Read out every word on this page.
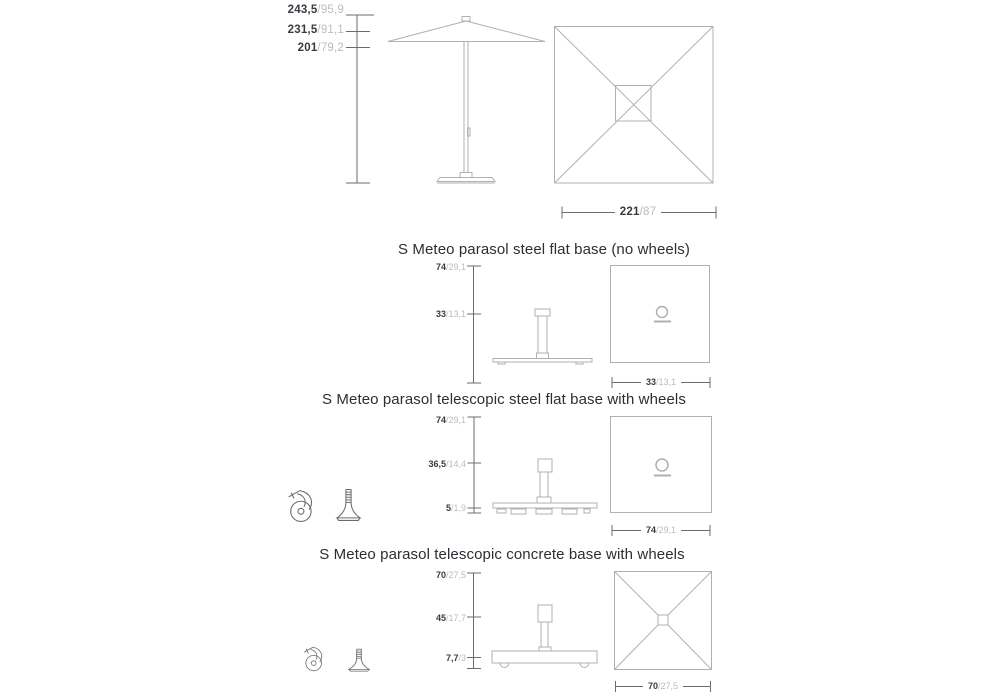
243,5/95,9
231,5/91,1
201/79,2
221/87
S Meteo parasol steel flat base (no wheels)
74/29,1
33/13,1
33/13,1
S Meteo parasol telescopic steel flat base with wheels
74/29,1
36,5/14,4
5/1,9
74/29,1
S Meteo parasol telescopic concrete base with wheels
70/27,5
45/17,7
7,7/3
70/27,5
